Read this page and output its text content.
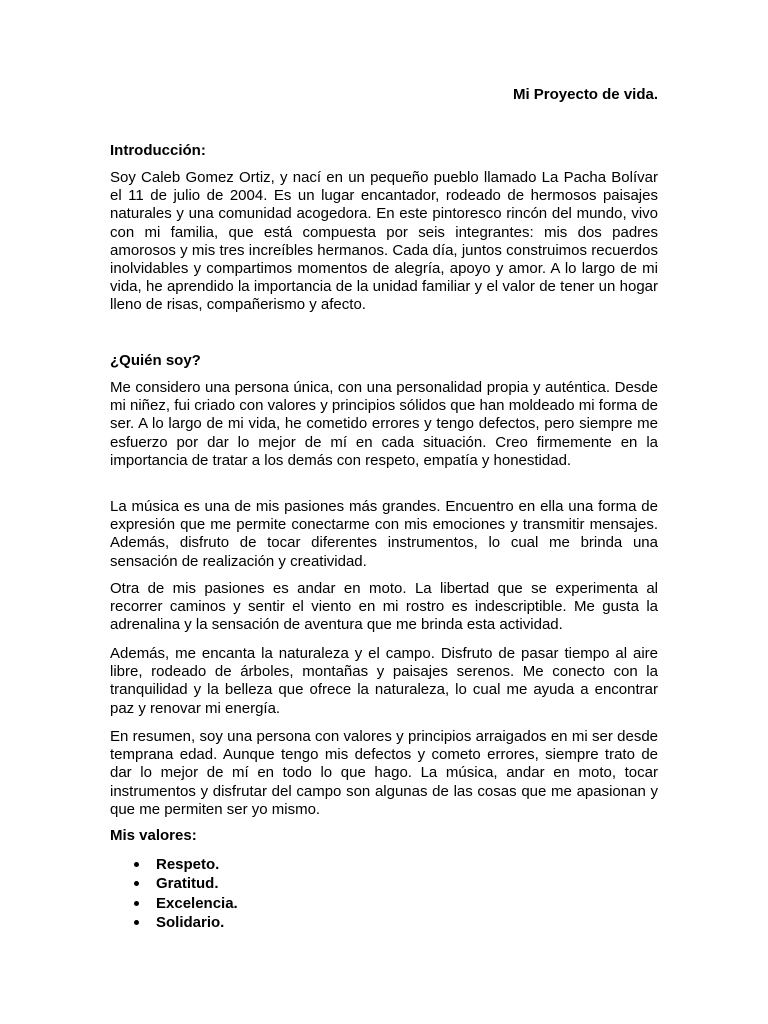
Mi Proyecto de vida.
Introducción:

Soy Caleb Gomez Ortiz, y nací en un pequeño pueblo llamado La Pacha Bolívar el 11 de julio de 2004. Es un lugar encantador, rodeado de hermosos paisajes naturales y una comunidad acogedora. En este pintoresco rincón del mundo, vivo con mi familia, que está compuesta por seis integrantes: mis dos padres amorosos y mis tres increíbles hermanos. Cada día, juntos construimos recuerdos inolvidables y compartimos momentos de alegría, apoyo y amor. A lo largo de mi vida, he aprendido la importancia de la unidad familiar y el valor de tener un hogar lleno de risas, compañerismo y afecto.

¿Quién soy?

Me considero una persona única, con una personalidad propia y auténtica. Desde mi niñez, fui criado con valores y principios sólidos que han moldeado mi forma de ser. A lo largo de mi vida, he cometido errores y tengo defectos, pero siempre me esfuerzo por dar lo mejor de mí en cada situación. Creo firmemente en la importancia de tratar a los demás con respeto, empatía y honestidad.

La música es una de mis pasiones más grandes. Encuentro en ella una forma de expresión que me permite conectarme con mis emociones y transmitir mensajes. Además, disfruto de tocar diferentes instrumentos, lo cual me brinda una sensación de realización y creatividad.

Otra de mis pasiones es andar en moto. La libertad que se experimenta al recorrer caminos y sentir el viento en mi rostro es indescriptible. Me gusta la adrenalina y la sensación de aventura que me brinda esta actividad.

Además, me encanta la naturaleza y el campo. Disfruto de pasar tiempo al aire libre, rodeado de árboles, montañas y paisajes serenos. Me conecto con la tranquilidad y la belleza que ofrece la naturaleza, lo cual me ayuda a encontrar paz y renovar mi energía.

En resumen, soy una persona con valores y principios arraigados en mi ser desde temprana edad. Aunque tengo mis defectos y cometo errores, siempre trato de dar lo mejor de mí en todo lo que hago. La música, andar en moto, tocar instrumentos y disfrutar del campo son algunas de las cosas que me apasionan y que me permiten ser yo mismo.

Mis valores:
Respeto.
Gratitud.
Excelencia.
Solidario.
